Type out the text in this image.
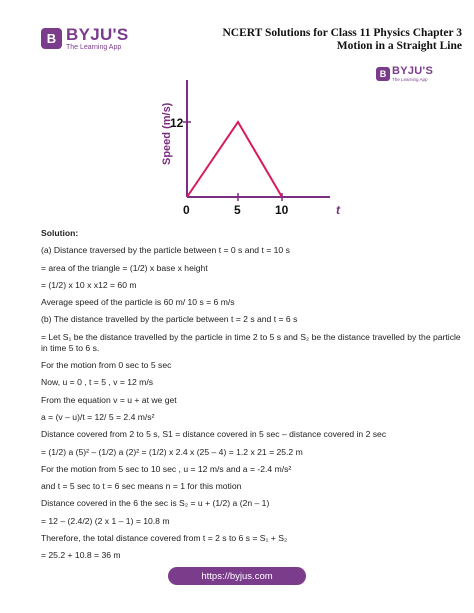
B BYJU'S
The Learning App
NCERT Solutions for Class 11 Physics Chapter 3
Motion in a Straight Line
B BYJU'S
The Learning App
Speed (m/s)
12
0	5	10	t

Solution:

(a) Distance traversed by the particle between t = 0 s and t = 10 s

= area of the triangle = (1/2) x base x height

= (1/2) x 10 x x12 = 60 m

Average speed of the particle is 60 m/ 10 s = 6 m/s

(b) The distance travelled by the particle between t = 2 s and t = 6 s

= Let S₁ be the distance travelled by the particle in time 2 to 5 s and S₂ be the distance travelled by the particle in time 5 to 6 s.

For the motion from 0 sec to 5 sec

Now, u = 0 , t = 5 , v = 12 m/s

From the equation v = u + at we get

a = (v – u)/t = 12/ 5 = 2.4 m/s²

Distance covered from 2 to 5 s, S1 = distance covered in 5 sec – distance covered in 2 sec

= (1/2) a (5)² – (1/2) a (2)² = (1/2) x 2.4 x (25 – 4) = 1.2 x 21 = 25.2 m

For the motion from 5 sec to 10 sec , u = 12 m/s and a = -2.4 m/s²

and t = 5 sec to t = 6 sec means n = 1 for this motion

Distance covered in the 6 the sec is S₂ = u + (1/2) a (2n – 1)

= 12 – (2.4/2) (2 x 1 – 1) = 10.8 m

Therefore, the total distance covered from t = 2 s to 6 s = S₁ + S₂

= 25.2 + 10.8 = 36 m

https://byjus.com
